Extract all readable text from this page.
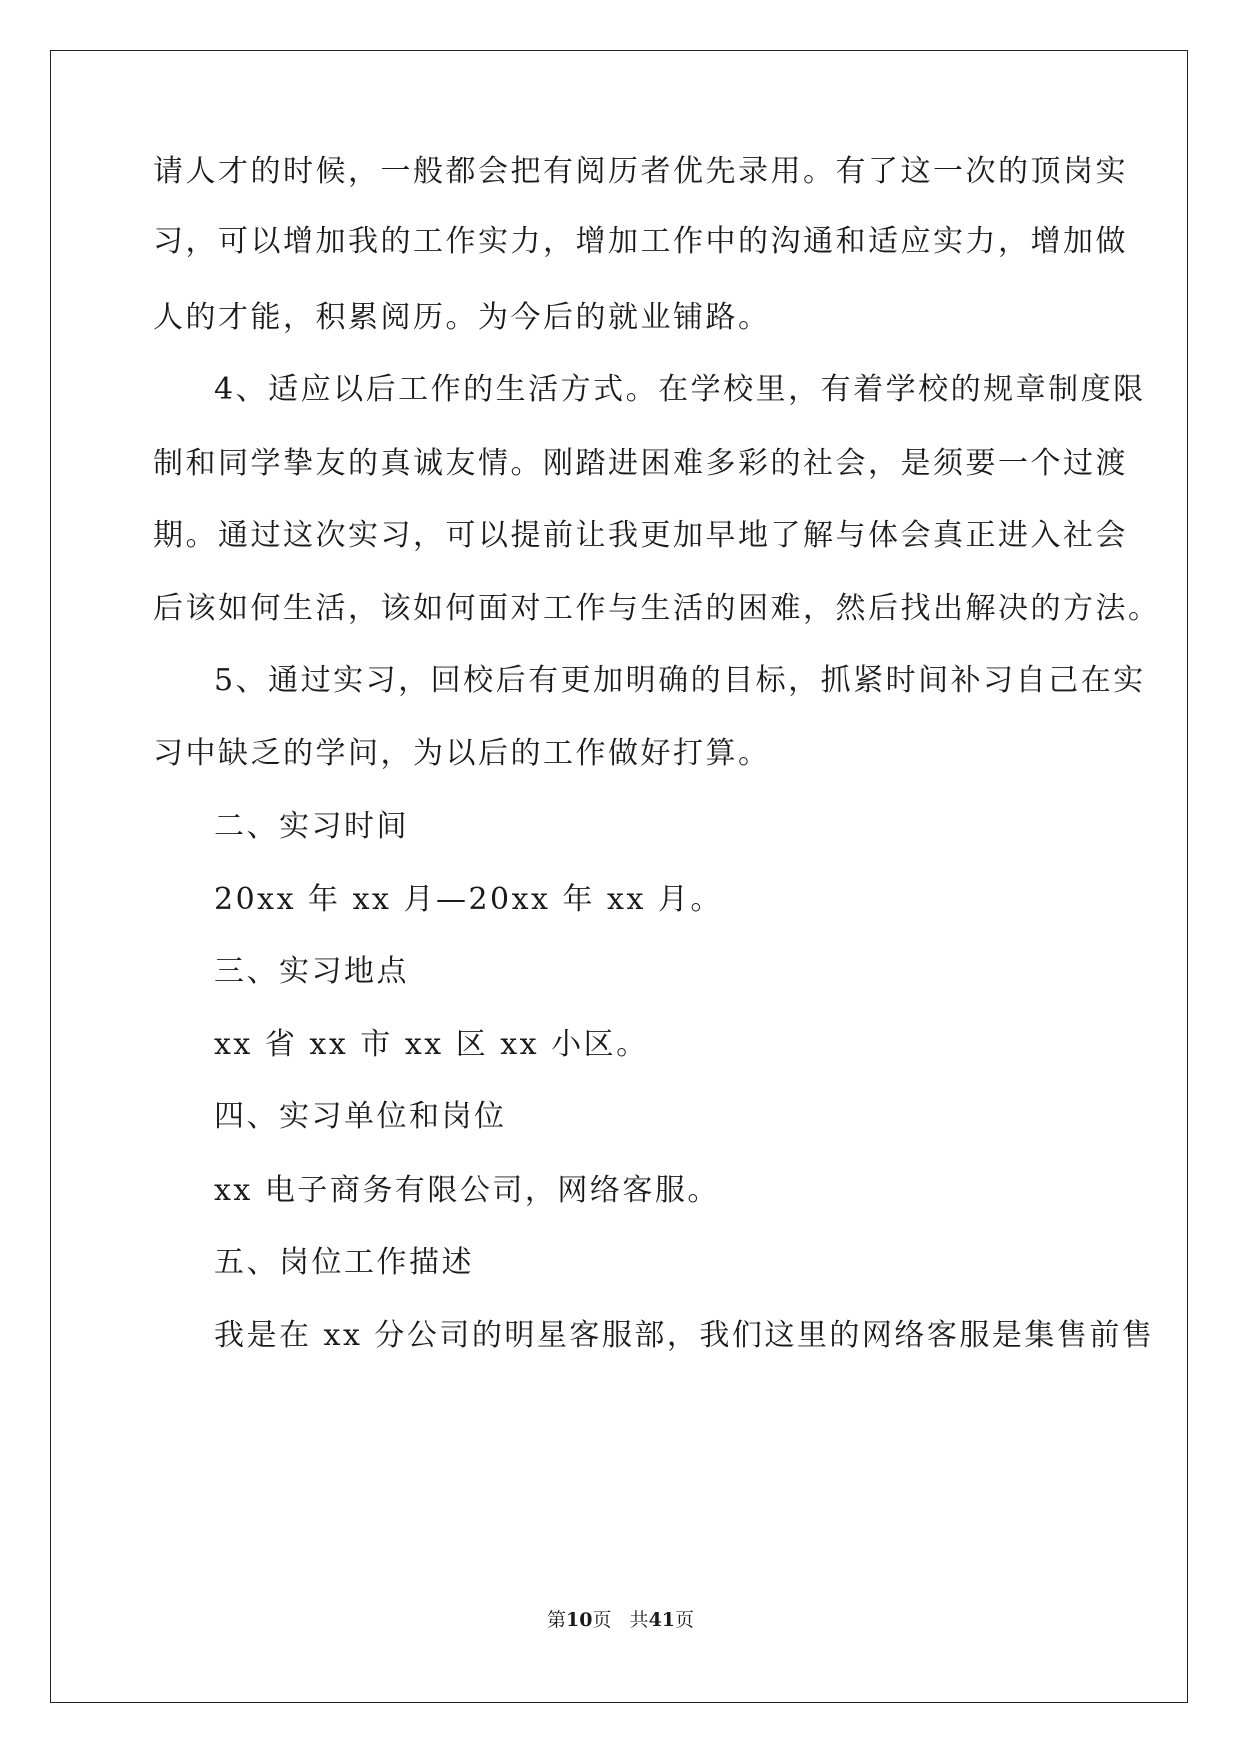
请人才的时候，一般都会把有阅历者优先录用。有了这一次的顶岗实
习，可以增加我的工作实力，增加工作中的沟通和适应实力，增加做
人的才能，积累阅历。为今后的就业铺路。
4、适应以后工作的生活方式。在学校里，有着学校的规章制度限
制和同学挚友的真诚友情。刚踏进困难多彩的社会，是须要一个过渡
期。通过这次实习，可以提前让我更加早地了解与体会真正进入社会
后该如何生活，该如何面对工作与生活的困难，然后找出解决的方法。
5、通过实习，回校后有更加明确的目标，抓紧时间补习自己在实
习中缺乏的学问，为以后的工作做好打算。
二、实习时间
20xx 年 xx 月—20xx 年 xx 月。
三、实习地点
xx 省 xx 市 xx 区 xx 小区。
四、实习单位和岗位
xx 电子商务有限公司，网络客服。
五、岗位工作描述
我是在 xx 分公司的明星客服部，我们这里的网络客服是集售前售
第10页   共41页
